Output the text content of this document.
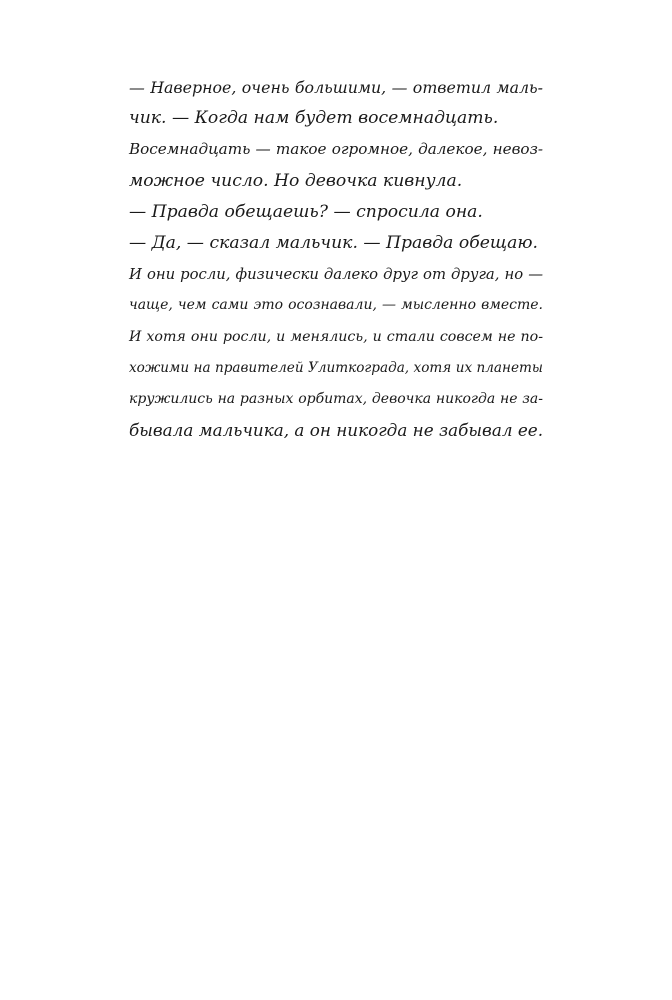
— Наверное, очень большими, — ответил маль-
чик. — Когда нам будет восемнадцать.
Восемнадцать — такое огромное, далекое, невоз-
можное число. Но девочка кивнула.
— Правда обещаешь? — спросила она.
— Да, — сказал мальчик. — Правда обещаю.
И они росли, физически далеко друг от друга, но —
чаще, чем сами это осознавали, — мысленно вместе.
И хотя они росли, и менялись, и стали совсем не по-
хожими на правителей Улиткограда, хотя их планеты
кружились на разных орбитах, девочка никогда не за-
бывала мальчика, а он никогда не забывал ее.
